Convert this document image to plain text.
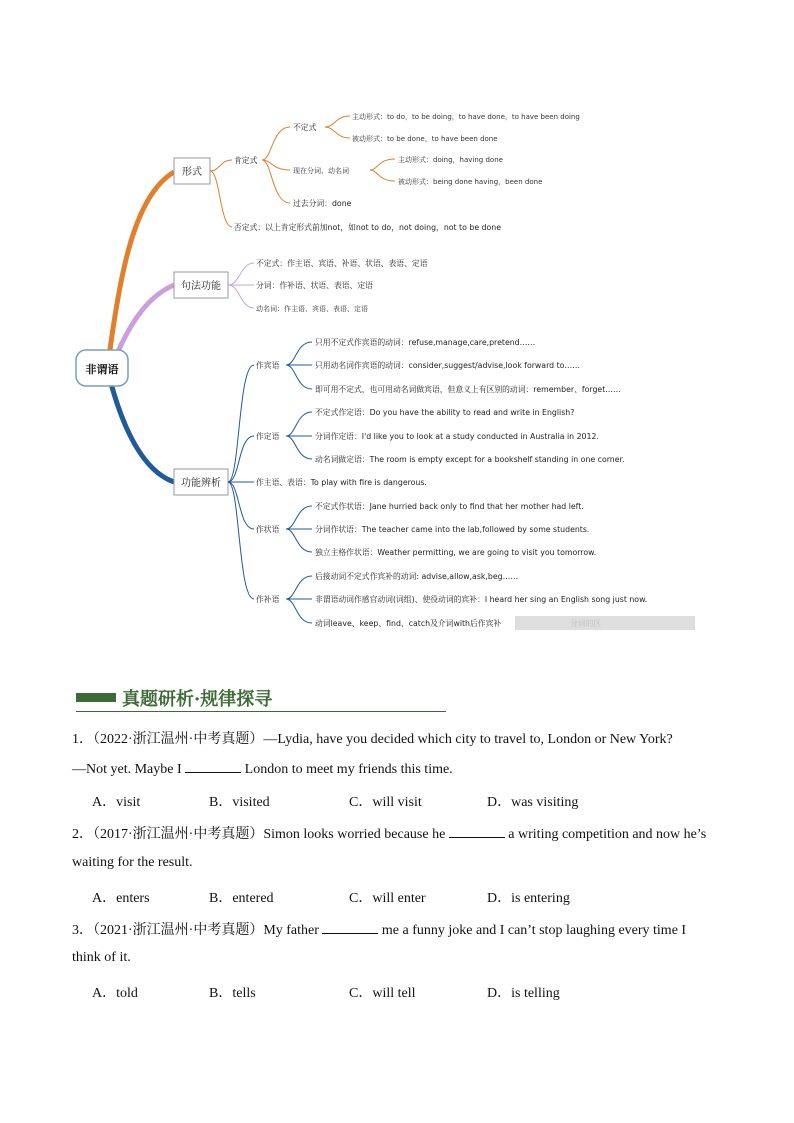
非谓语
形式
肯定式
不定式
主动形式：to do，to be doing，to have done，to have been doing
被动形式：to be done，to have been done
现在分词、动名词
主动形式：doing，having done
被动形式：being done having，been done
过去分词：done
否定式：以上肯定形式前加not，如not to do，not doing，not to be done
句法功能
不定式：作主语、宾语、补语、状语、表语、定语
分词：作补语、状语、表语、定语
动名词：作主语、宾语、表语、定语
功能辨析
作宾语
只用不定式作宾语的动词：refuse,manage,care,pretend……
只用动名词作宾语的动词：consider,suggest/advise,look forward to……
即可用不定式，也可用动名词做宾语，但意义上有区别的动词：remember、forget……
作定语
不定式作定语：Do you have the ability to read and write in English?
分词作定语：I'd like you to look at a study conducted in Australia in 2012.
动名词做定语：The room is empty except for a bookshelf standing in one corner.
作主语、表语：To play with fire is dangerous.
作状语
不定式作状语：Jane hurried back only to find that her mother had left.
分词作状语：The teacher came into the lab,followed by some students.
独立主格作状语：Weather permitting, we are going to visit you tomorrow.
作补语
后接动词不定式作宾补的动词: advise,allow,ask,beg……
非谓语动词作感官动词(词组)、使役动词的宾补：I heard her sing an English song just now.
动词leave、keep、find、catch及介词with后作宾补
真题研析·规律探寻
1．（2022·浙江温州·中考真题）—Lydia, have you decided which city to travel to, London or New York?
—Not yet. Maybe I	London to meet my friends this time.
A．visit	B．visited	C．will visit	D．was visiting
2．（2017·浙江温州·中考真题）Simon looks worried because he	a writing competition and now he’s
waiting for the result.
A．enters	B．entered	C．will enter	D．is entering
3．（2021·浙江温州·中考真题）My father	me a funny joke and I can’t stop laughing every time I
think of it.
A．told	B．tells	C．will tell	D．is telling
